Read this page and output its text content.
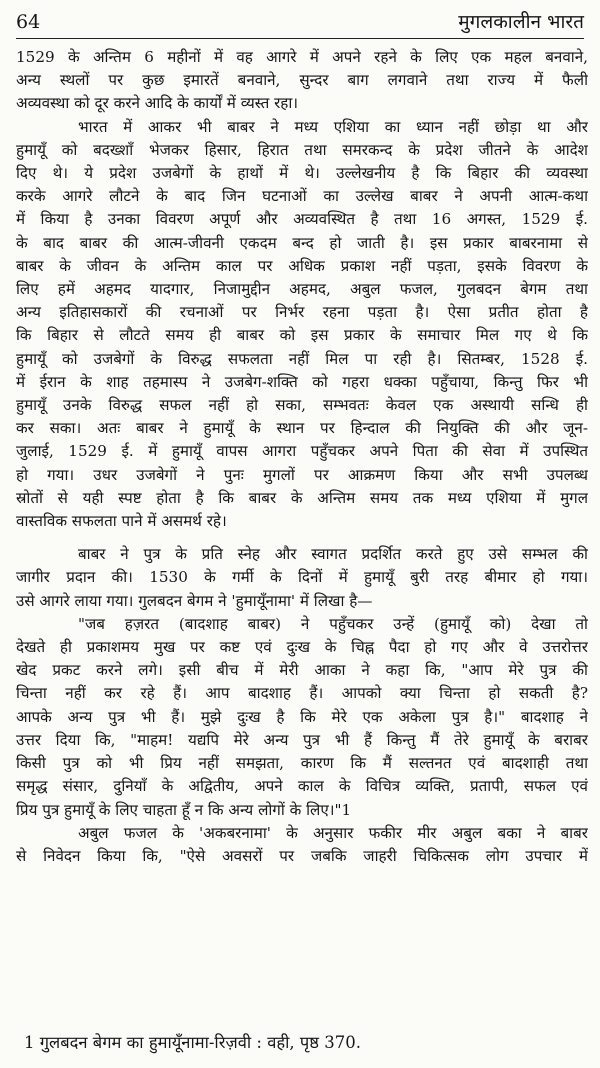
64	मुगलकालीन भारत
1529 के अन्तिम 6 महीनों में वह आगरे में अपने रहने के लिए एक महल बनवाने,
अन्य स्थलों पर कुछ इमारतें बनवाने, सुन्दर बाग लगवाने तथा राज्य में फैली
अव्यवस्था को दूर करने आदि के कार्यों में व्यस्त रहा।
भारत में आकर भी बाबर ने मध्य एशिया का ध्यान नहीं छोड़ा था और
हुमायूँ को बदख्शाँ भेजकर हिसार, हिरात तथा समरकन्द के प्रदेश जीतने के आदेश
दिए थे। ये प्रदेश उजबेगों के हाथों में थे। उल्लेखनीय है कि बिहार की व्यवस्था
करके आगरे लौटने के बाद जिन घटनाओं का उल्लेख बाबर ने अपनी आत्म-कथा
में किया है उनका विवरण अपूर्ण और अव्यवस्थित है तथा 16 अगस्त, 1529 ई.
के बाद बाबर की आत्म-जीवनी एकदम बन्द हो जाती है। इस प्रकार बाबरनामा से
बाबर के जीवन के अन्तिम काल पर अधिक प्रकाश नहीं पड़ता, इसके विवरण के
लिए हमें अहमद यादगार, निजामुद्दीन अहमद, अबुल फजल, गुलबदन बेगम तथा
अन्य इतिहासकारों की रचनाओं पर निर्भर रहना पड़ता है। ऐसा प्रतीत होता है
कि बिहार से लौटते समय ही बाबर को इस प्रकार के समाचार मिल गए थे कि
हुमायूँ को उजबेगों के विरुद्ध सफलता नहीं मिल पा रही है। सितम्बर, 1528 ई.
में ईरान के शाह तहमास्प ने उजबेग-शक्ति को गहरा धक्का पहुँचाया, किन्तु फिर भी
हुमायूँ उनके विरुद्ध सफल नहीं हो सका, सम्भवतः केवल एक अस्थायी सन्धि ही
कर सका। अतः बाबर ने हुमायूँ के स्थान पर हिन्दाल की नियुक्ति की और जून-
जुलाई, 1529 ई. में हुमायूँ वापस आगरा पहुँचकर अपने पिता की सेवा में उपस्थित
हो गया। उधर उजबेगों ने पुनः मुगलों पर आक्रमण किया और सभी उपलब्ध
स्रोतों से यही स्पष्ट होता है कि बाबर के अन्तिम समय तक मध्य एशिया में मुगल
वास्तविक सफलता पाने में असमर्थ रहे।
बाबर ने पुत्र के प्रति स्नेह और स्वागत प्रदर्शित करते हुए उसे सम्भल की
जागीर प्रदान की। 1530 के गर्मी के दिनों में हुमायूँ बुरी तरह बीमार हो गया।
उसे आगरे लाया गया। गुलबदन बेगम ने 'हुमायूँनामा' में लिखा है—
"जब हज़रत (बादशाह बाबर) ने पहुँचकर उन्हें (हुमायूँ को) देखा तो
देखते ही प्रकाशमय मुख पर कष्ट एवं दुःख के चिह्न पैदा हो गए और वे उत्तरोत्तर
खेद प्रकट करने लगे। इसी बीच में मेरी आका ने कहा कि, "आप मेरे पुत्र की
चिन्ता नहीं कर रहे हैं। आप बादशाह हैं। आपको क्या चिन्ता हो सकती है?
आपके अन्य पुत्र भी हैं। मुझे दुःख है कि मेरे एक अकेला पुत्र है।" बादशाह ने
उत्तर दिया कि, "माहम! यद्यपि मेरे अन्य पुत्र भी हैं किन्तु मैं तेरे हुमायूँ के बराबर
किसी पुत्र को भी प्रिय नहीं समझता, कारण कि मैं सल्तनत एवं बादशाही तथा
समृद्ध संसार, दुनियाँ के अद्वितीय, अपने काल के विचित्र व्यक्ति, प्रतापी, सफल एवं
प्रिय पुत्र हुमायूँ के लिए चाहता हूँ न कि अन्य लोगों के लिए।"1
अबुल फजल के 'अकबरनामा' के अनुसार फकीर मीर अबुल बका ने बाबर
से निवेदन किया कि, "ऐसे अवसरों पर जबकि जाहरी चिकित्सक लोग उपचार में
1 गुलबदन बेगम का हुमायूँनामा-रिज़वी : वही, पृष्ठ 370.
